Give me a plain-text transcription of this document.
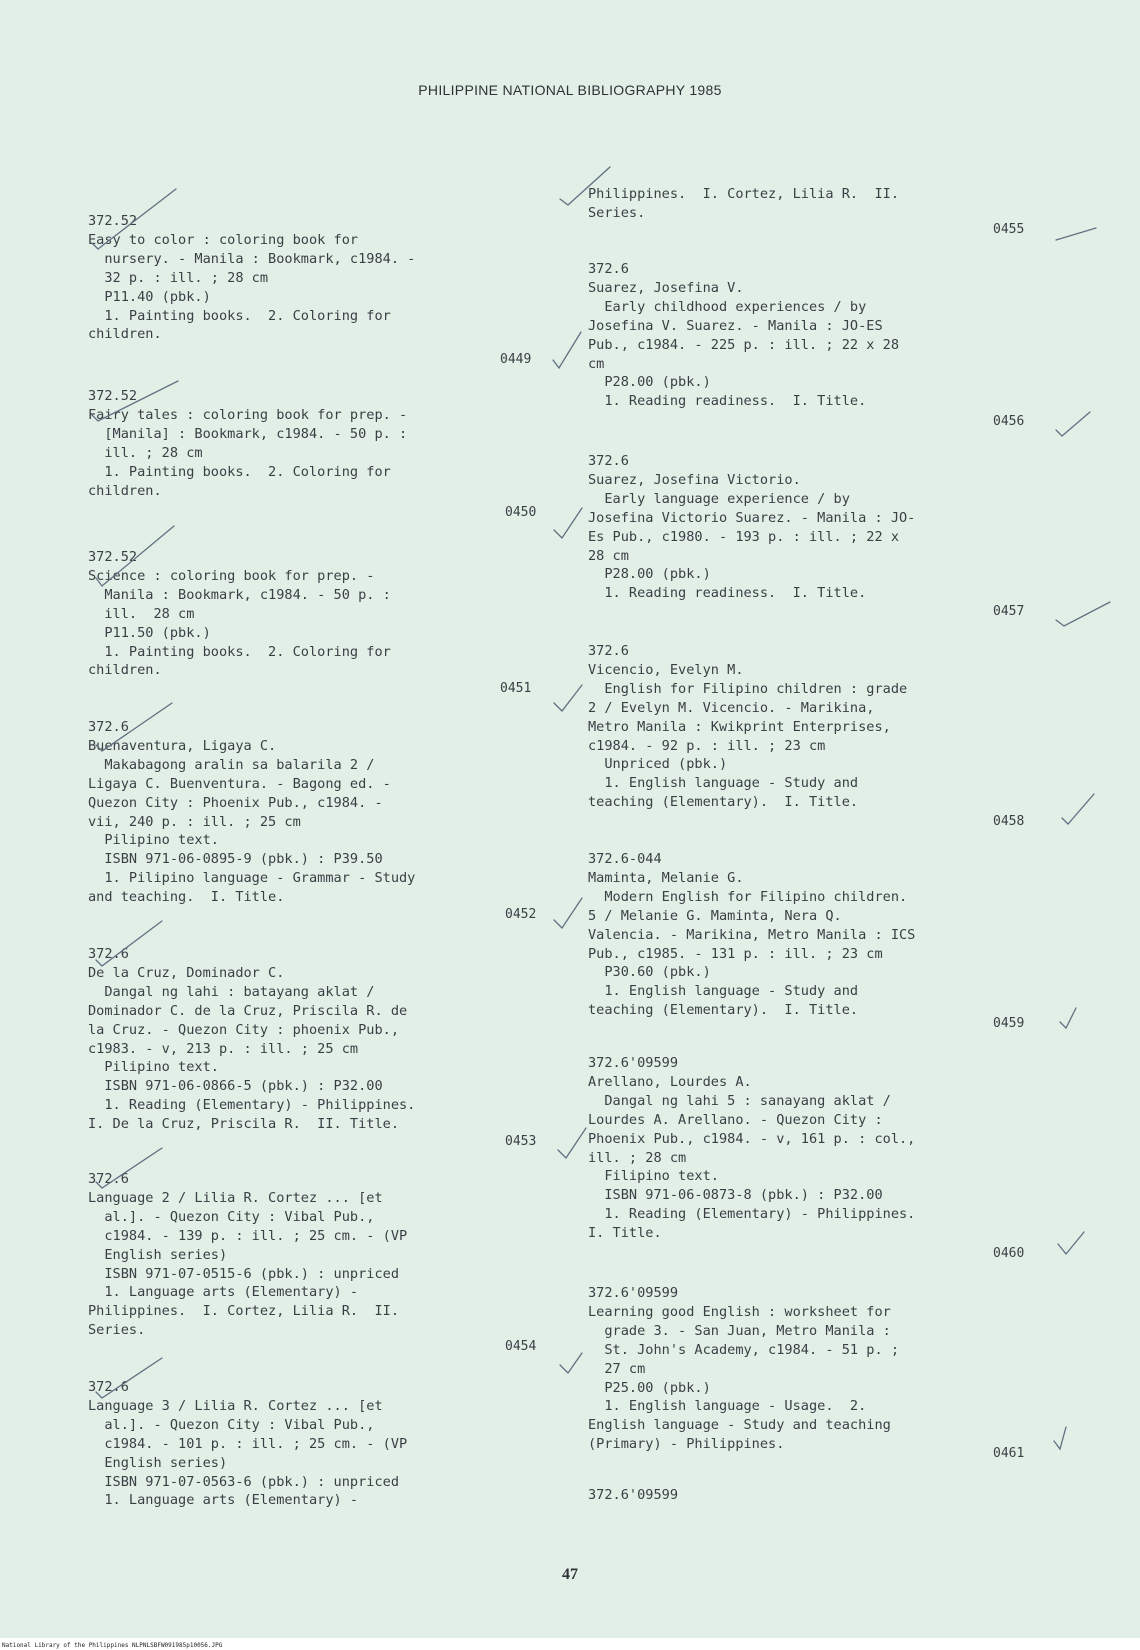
PHILIPPINE NATIONAL BIBLIOGRAPHY 1985
372.52
Easy to color : coloring book for
nursery. - Manila : Bookmark, c1984. -
32 p. : ill. ; 28 cm
P11.40 (pbk.)
1. Painting books.  2. Coloring for
children.
0449
372.52
Fairy tales : coloring book for prep. -
[Manila] : Bookmark, c1984. - 50 p. :
ill. ; 28 cm
1. Painting books.  2. Coloring for
children.
0450
372.52
Science : coloring book for prep. -
Manila : Bookmark, c1984. - 50 p. :
ill.  28 cm
P11.50 (pbk.)
1. Painting books.  2. Coloring for
children.
0451
372.6
Buenaventura, Ligaya C.
Makabagong aralin sa balarila 2 /
Ligaya C. Buenventura. - Bagong ed. -
Quezon City : Phoenix Pub., c1984. -
vii, 240 p. : ill. ; 25 cm
Pilipino text.
ISBN 971-06-0895-9 (pbk.) : P39.50
1. Pilipino language - Grammar - Study
and teaching.  I. Title.
0452
372.6
De la Cruz, Dominador C.
Dangal ng lahi : batayang aklat /
Dominador C. de la Cruz, Priscila R. de
la Cruz. - Quezon City : phoenix Pub.,
c1983. - v, 213 p. : ill. ; 25 cm
Pilipino text.
ISBN 971-06-0866-5 (pbk.) : P32.00
1. Reading (Elementary) - Philippines.
I. De la Cruz, Priscila R.  II. Title.
0453
372.6
Language 2 / Lilia R. Cortez ... [et
al.]. - Quezon City : Vibal Pub.,
c1984. - 139 p. : ill. ; 25 cm. - (VP
English series)
ISBN 971-07-0515-6 (pbk.) : unpriced
1. Language arts (Elementary) -
Philippines.  I. Cortez, Lilia R.  II.
Series.
0454
372.6
Language 3 / Lilia R. Cortez ... [et
al.]. - Quezon City : Vibal Pub.,
c1984. - 101 p. : ill. ; 25 cm. - (VP
English series)
ISBN 971-07-0563-6 (pbk.) : unpriced
1. Language arts (Elementary) -
Philippines.  I. Cortez, Lilia R.  II.
Series.
0455
372.6
Suarez, Josefina V.
Early childhood experiences / by
Josefina V. Suarez. - Manila : JO-ES
Pub., c1984. - 225 p. : ill. ; 22 x 28
cm
P28.00 (pbk.)
1. Reading readiness.  I. Title.
0456
372.6
Suarez, Josefina Victorio.
Early language experience / by
Josefina Victorio Suarez. - Manila : JO-
Es Pub., c1980. - 193 p. : ill. ; 22 x
28 cm
P28.00 (pbk.)
1. Reading readiness.  I. Title.
0457
372.6
Vicencio, Evelyn M.
English for Filipino children : grade
2 / Evelyn M. Vicencio. - Marikina,
Metro Manila : Kwikprint Enterprises,
c1984. - 92 p. : ill. ; 23 cm
Unpriced (pbk.)
1. English language - Study and
teaching (Elementary).  I. Title.
0458
372.6-044
Maminta, Melanie G.
Modern English for Filipino children.
5 / Melanie G. Maminta, Nera Q.
Valencia. - Marikina, Metro Manila : ICS
Pub., c1985. - 131 p. : ill. ; 23 cm
P30.60 (pbk.)
1. English language - Study and
teaching (Elementary).  I. Title.
0459
372.6'09599
Arellano, Lourdes A.
Dangal ng lahi 5 : sanayang aklat /
Lourdes A. Arellano. - Quezon City :
Phoenix Pub., c1984. - v, 161 p. : col.,
ill. ; 28 cm
Filipino text.
ISBN 971-06-0873-8 (pbk.) : P32.00
1. Reading (Elementary) - Philippines.
I. Title.
0460
372.6'09599
Learning good English : worksheet for
grade 3. - San Juan, Metro Manila :
St. John's Academy, c1984. - 51 p. ;
27 cm
P25.00 (pbk.)
1. English language - Usage.  2.
English language - Study and teaching
(Primary) - Philippines.
0461
372.6'09599
47
National Library of the Philippines NLPNLSBFW091985p10056.JPG
